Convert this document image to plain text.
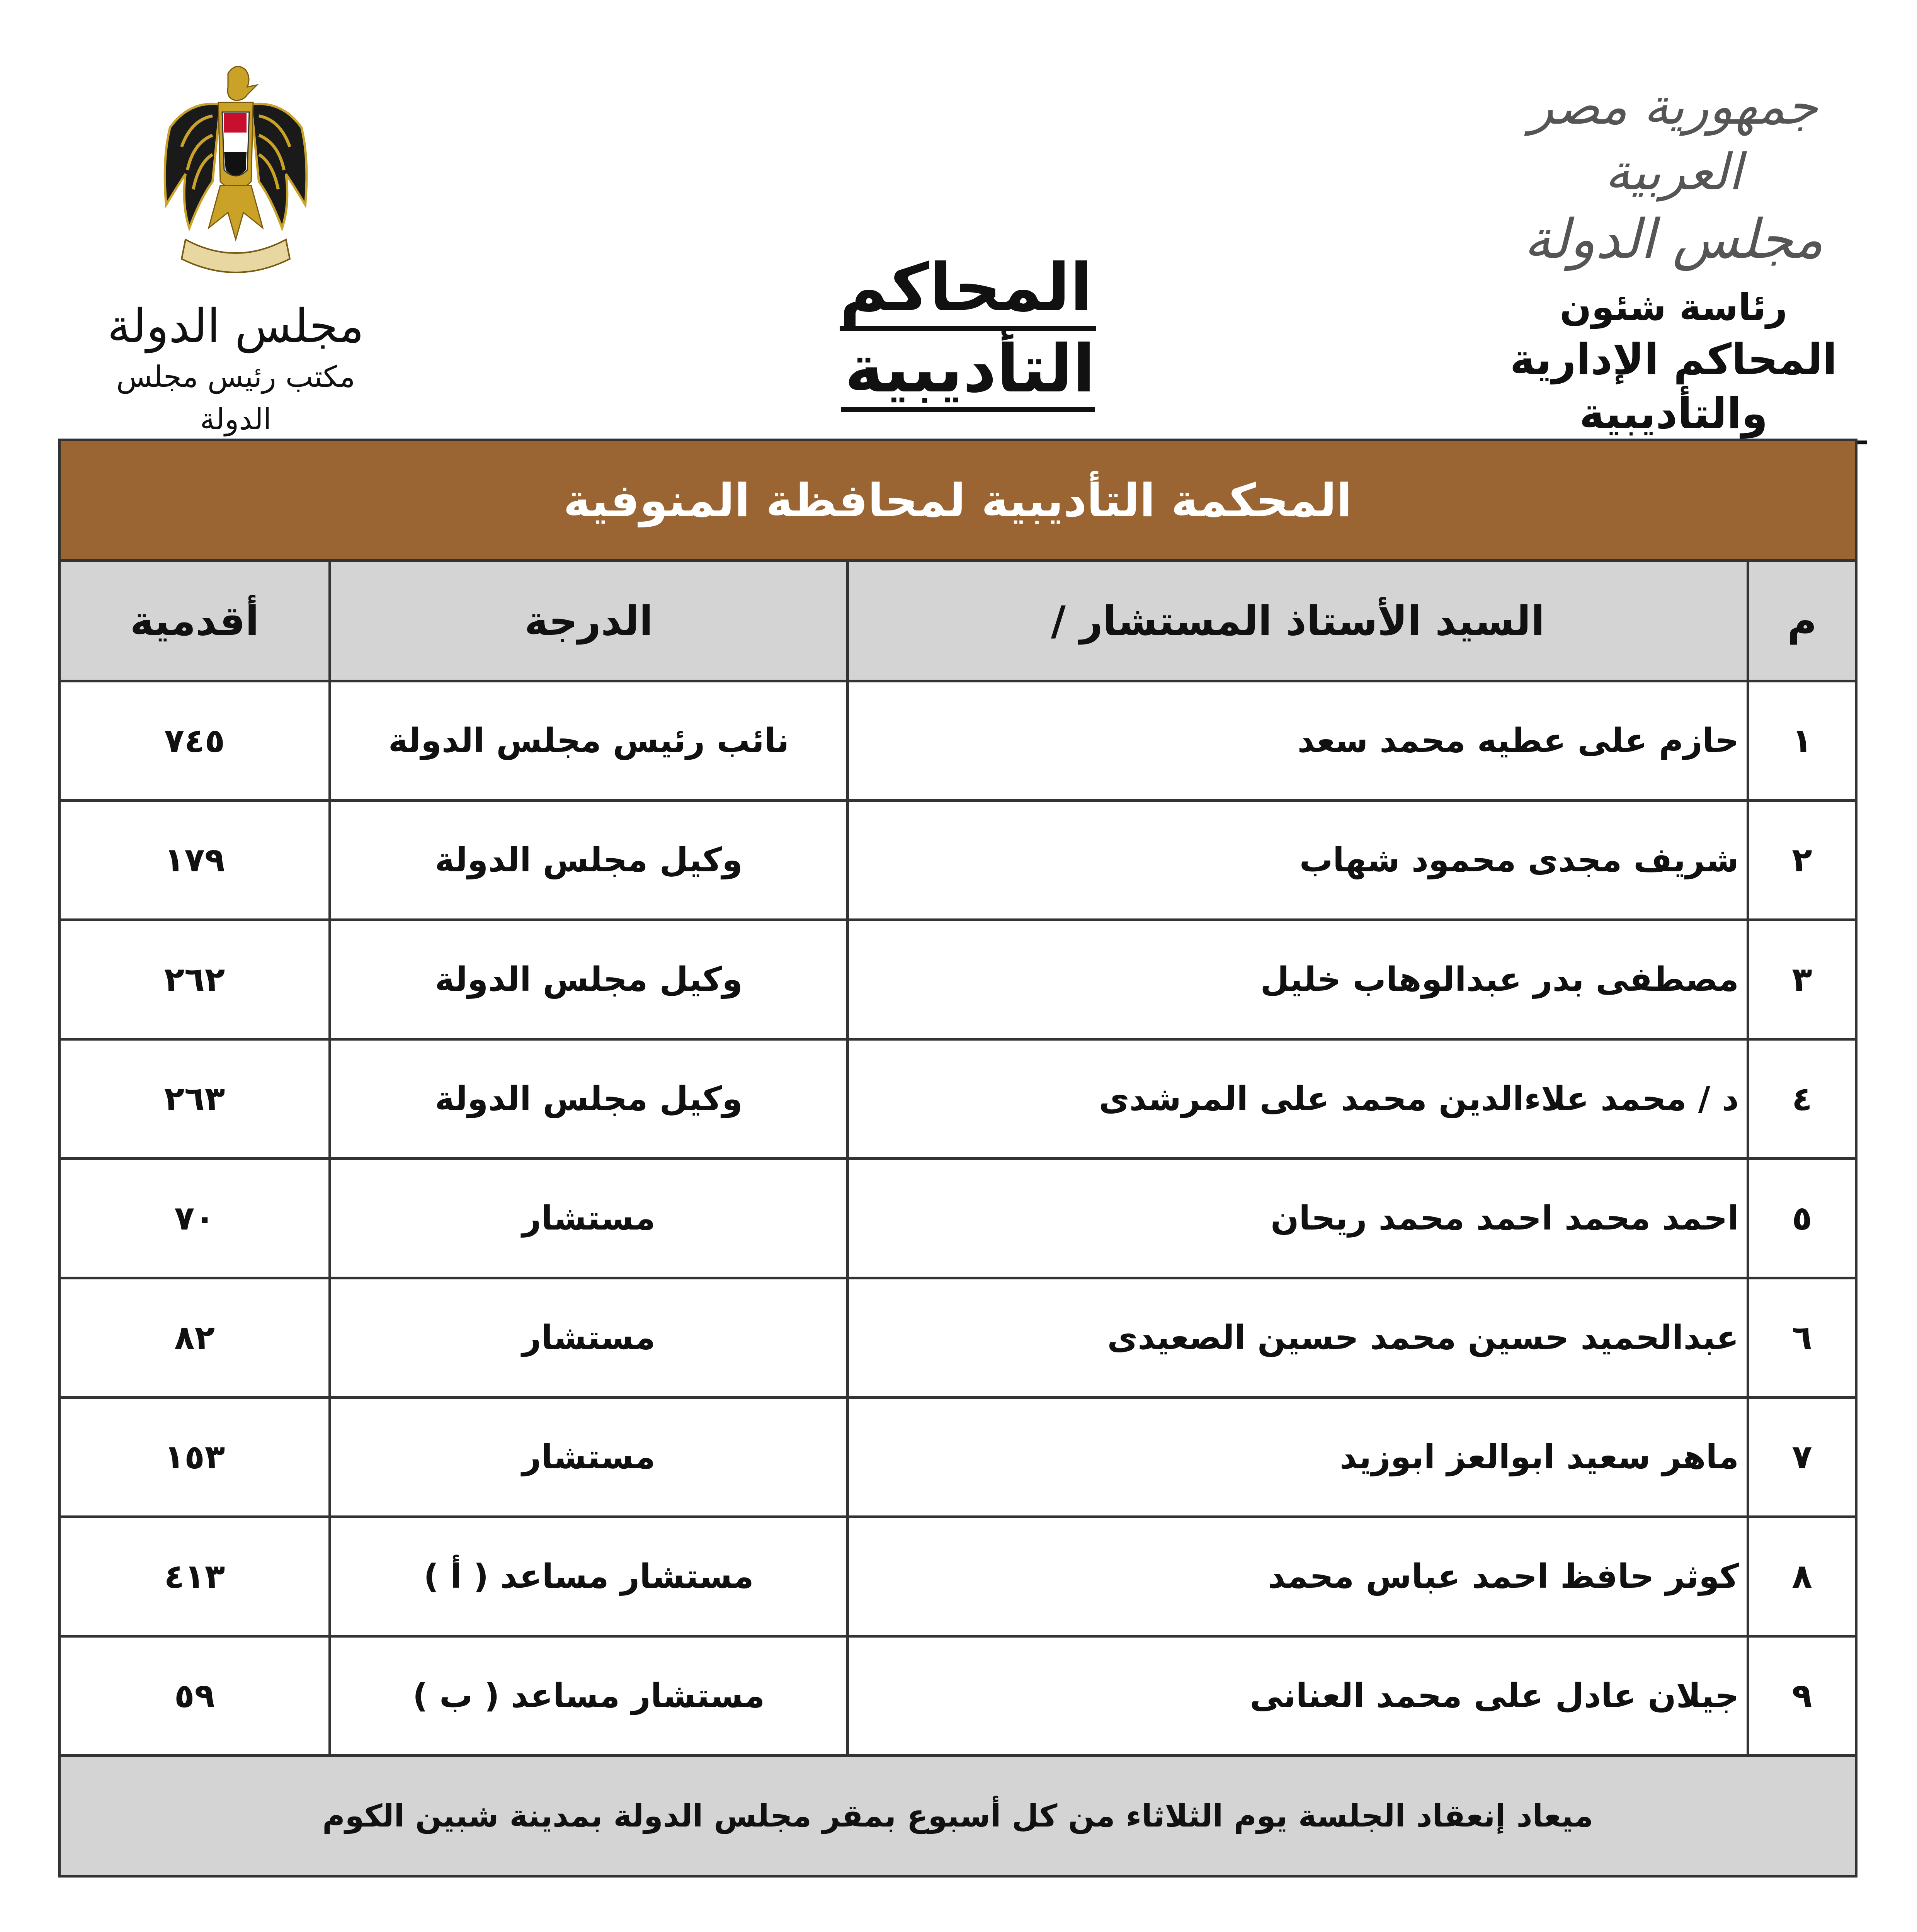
جمهورية مصر العربية
مجلس الدولة
رئاسة شئون
المحاكم الإدارية والتأديبية
المحاكم التأديبية
مجلس الدولة
مكتب رئيس مجلس الدولة
المحكمة التأديبية لمحافظة المنوفية			
م	السيد الأستاذ المستشار /	الدرجة	أقدمية
١	حازم على عطيه محمد سعد	نائب رئيس مجلس الدولة	٧٤٥
٢	شريف مجدى محمود شهاب	وكيل مجلس الدولة	١٧٩
٣	مصطفى بدر عبدالوهاب خليل	وكيل مجلس الدولة	٢٦٢
٤	د / محمد علاءالدين محمد على المرشدى	وكيل مجلس الدولة	٢٦٣
٥	احمد محمد احمد محمد ريحان	مستشار	٧٠
٦	عبدالحميد حسين محمد حسين الصعيدى	مستشار	٨٢
٧	ماهر سعيد ابوالعز ابوزيد	مستشار	١٥٣
٨	كوثر حافظ احمد عباس محمد	مستشار مساعد ( أ )	٤١٣
٩	جيلان عادل على محمد العنانى	مستشار مساعد ( ب )	٥٩
ميعاد إنعقاد الجلسة يوم الثلاثاء من كل أسبوع بمقر مجلس الدولة بمدينة شبين الكوم			
